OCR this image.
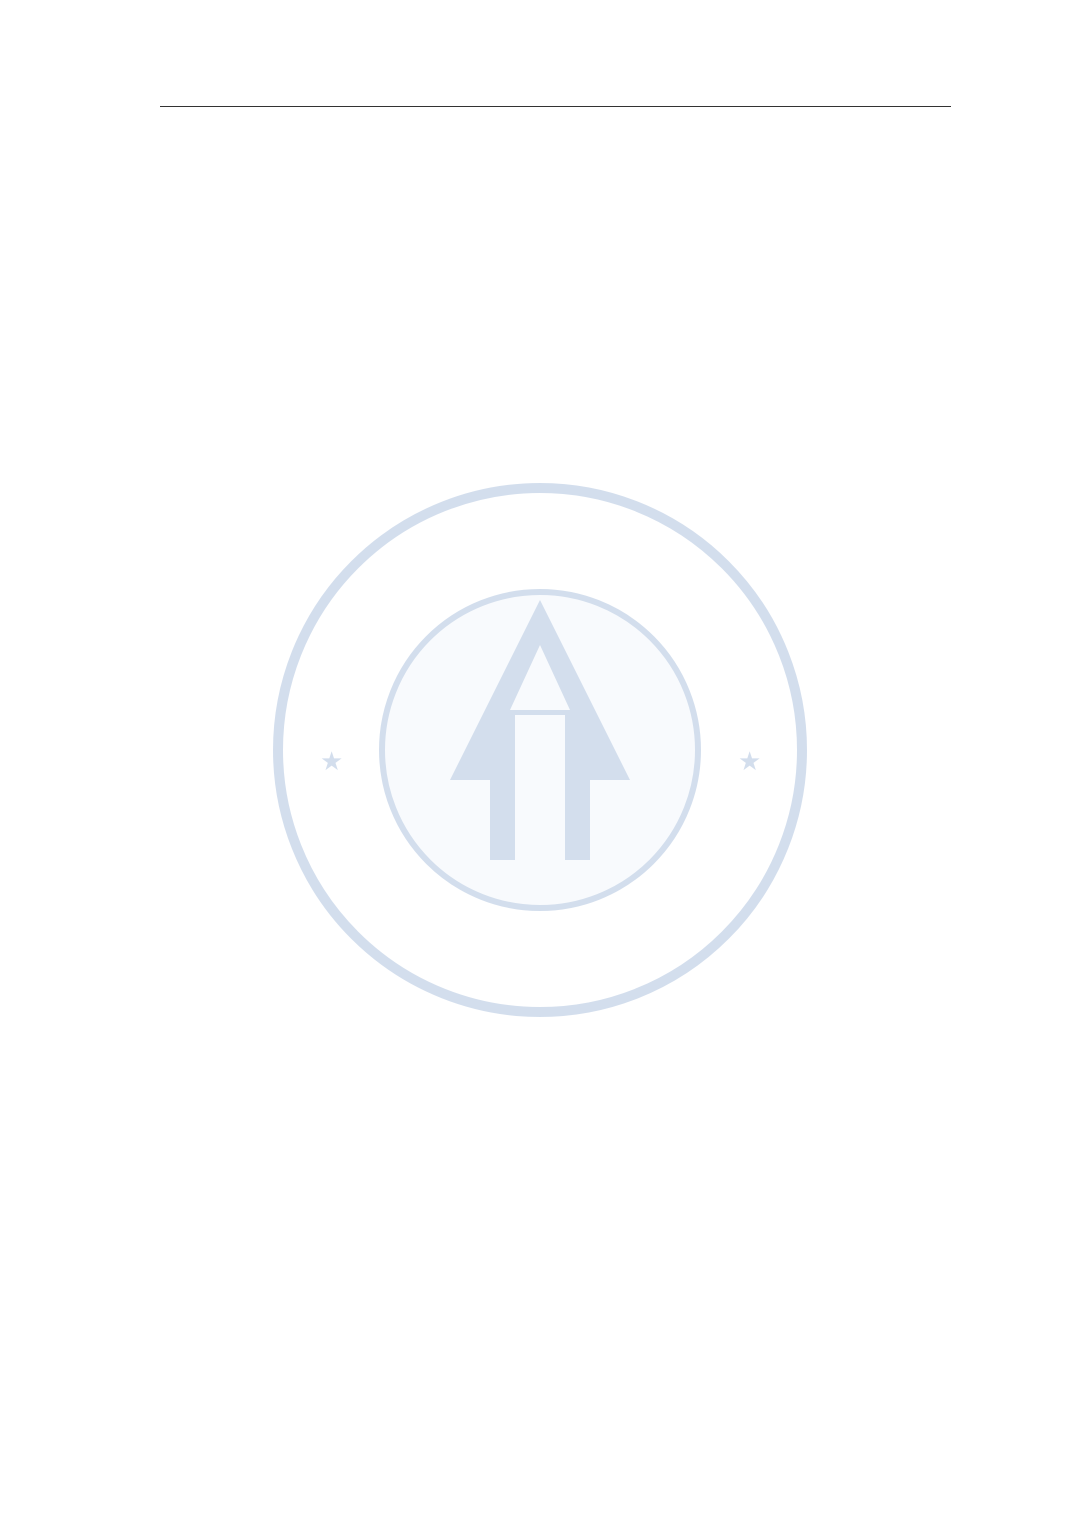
★	★
